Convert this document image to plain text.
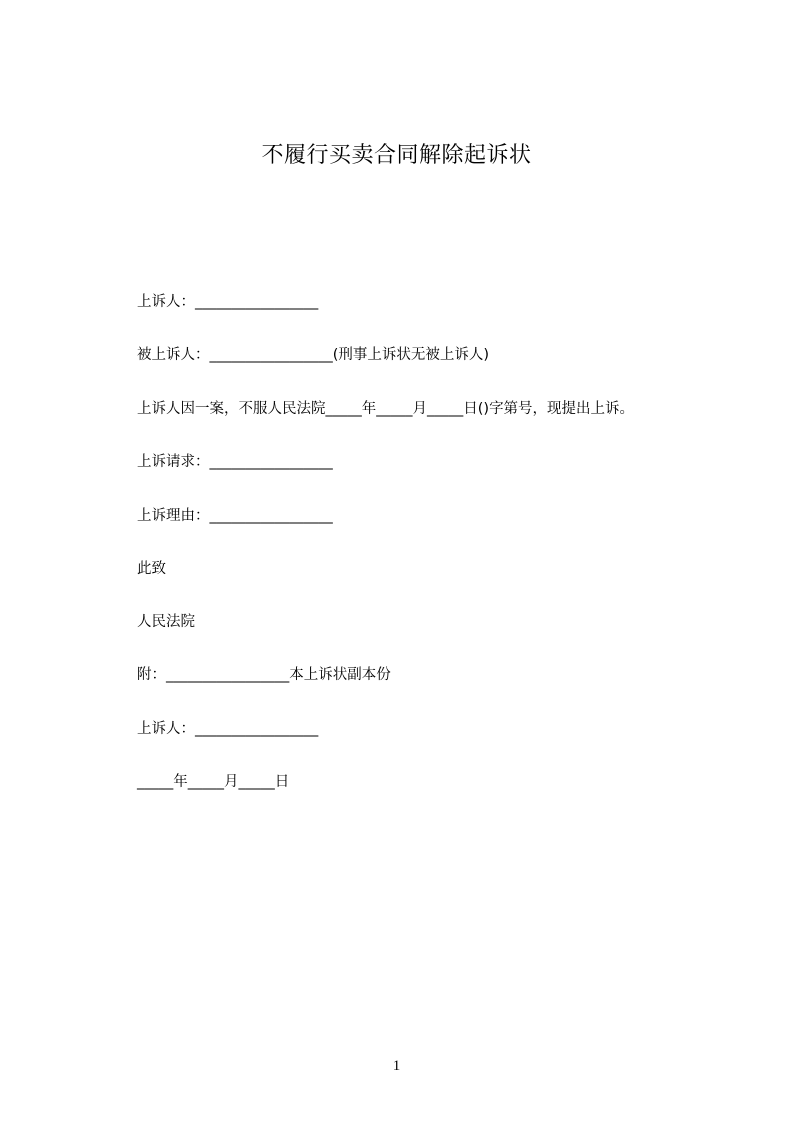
不履行买卖合同解除起诉状
上诉人：_________________
被上诉人：_________________(刑事上诉状无被上诉人)
上诉人因一案，不服人民法院_____年_____月_____日()字第号，现提出上诉。
上诉请求：_________________
上诉理由：_________________
此致
人民法院
附：_________________本上诉状副本份
上诉人：_________________
_____年_____月_____日
1
